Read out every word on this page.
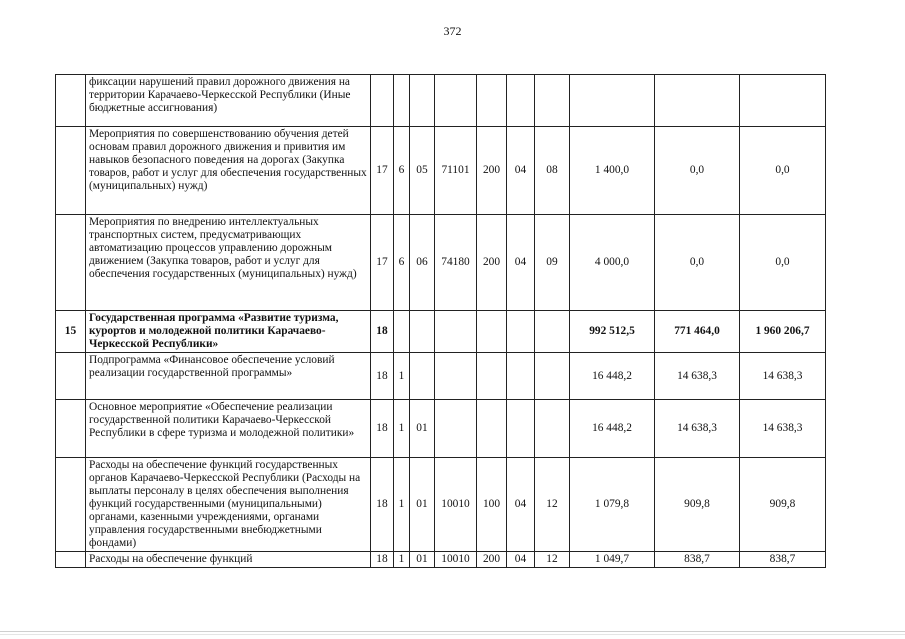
372
	фиксации нарушений правил дорожного движения на территории Карачаево-Черкесской Республики (Иные бюджетные ассигнования)										
	Мероприятия по совершенствованию обучения детей основам правил дорожного движения и привития им навыков безопасного поведения на дорогах (Закупка товаров, работ и услуг для обеспечения государственных (муниципальных) нужд)	17	6	05	71101	200	04	08	1 400,0	0,0	0,0
	Мероприятия по внедрению интеллектуальных транспортных систем, предусматривающих автоматизацию процессов управлению дорожным движением (Закупка товаров, работ и услуг для обеспечения государственных (муниципальных) нужд)	17	6	06	74180	200	04	09	4 000,0	0,0	0,0
15	Государственная программа «Развитие туризма, курортов и молодежной политики Карачаево-Черкесской Республики»	18							992 512,5	771 464,0	1 960 206,7
	Подпрограмма «Финансовое обеспечение условий реализации государственной программы»	18	1						16 448,2	14 638,3	14 638,3
	Основное мероприятие «Обеспечение реализации государственной политики Карачаево-Черкесской Республики в сфере туризма и молодежной политики»	18	1	01					16 448,2	14 638,3	14 638,3
	Расходы на обеспечение функций государственных органов Карачаево-Черкесской Республики (Расходы на выплаты персоналу в целях обеспечения выполнения функций государственными (муниципальными) органами, казенными учреждениями, органами управления государственными внебюджетными фондами)	18	1	01	10010	100	04	12	1 079,8	909,8	909,8
	Расходы на обеспечение функций	18	1	01	10010	200	04	12	1 049,7	838,7	838,7
